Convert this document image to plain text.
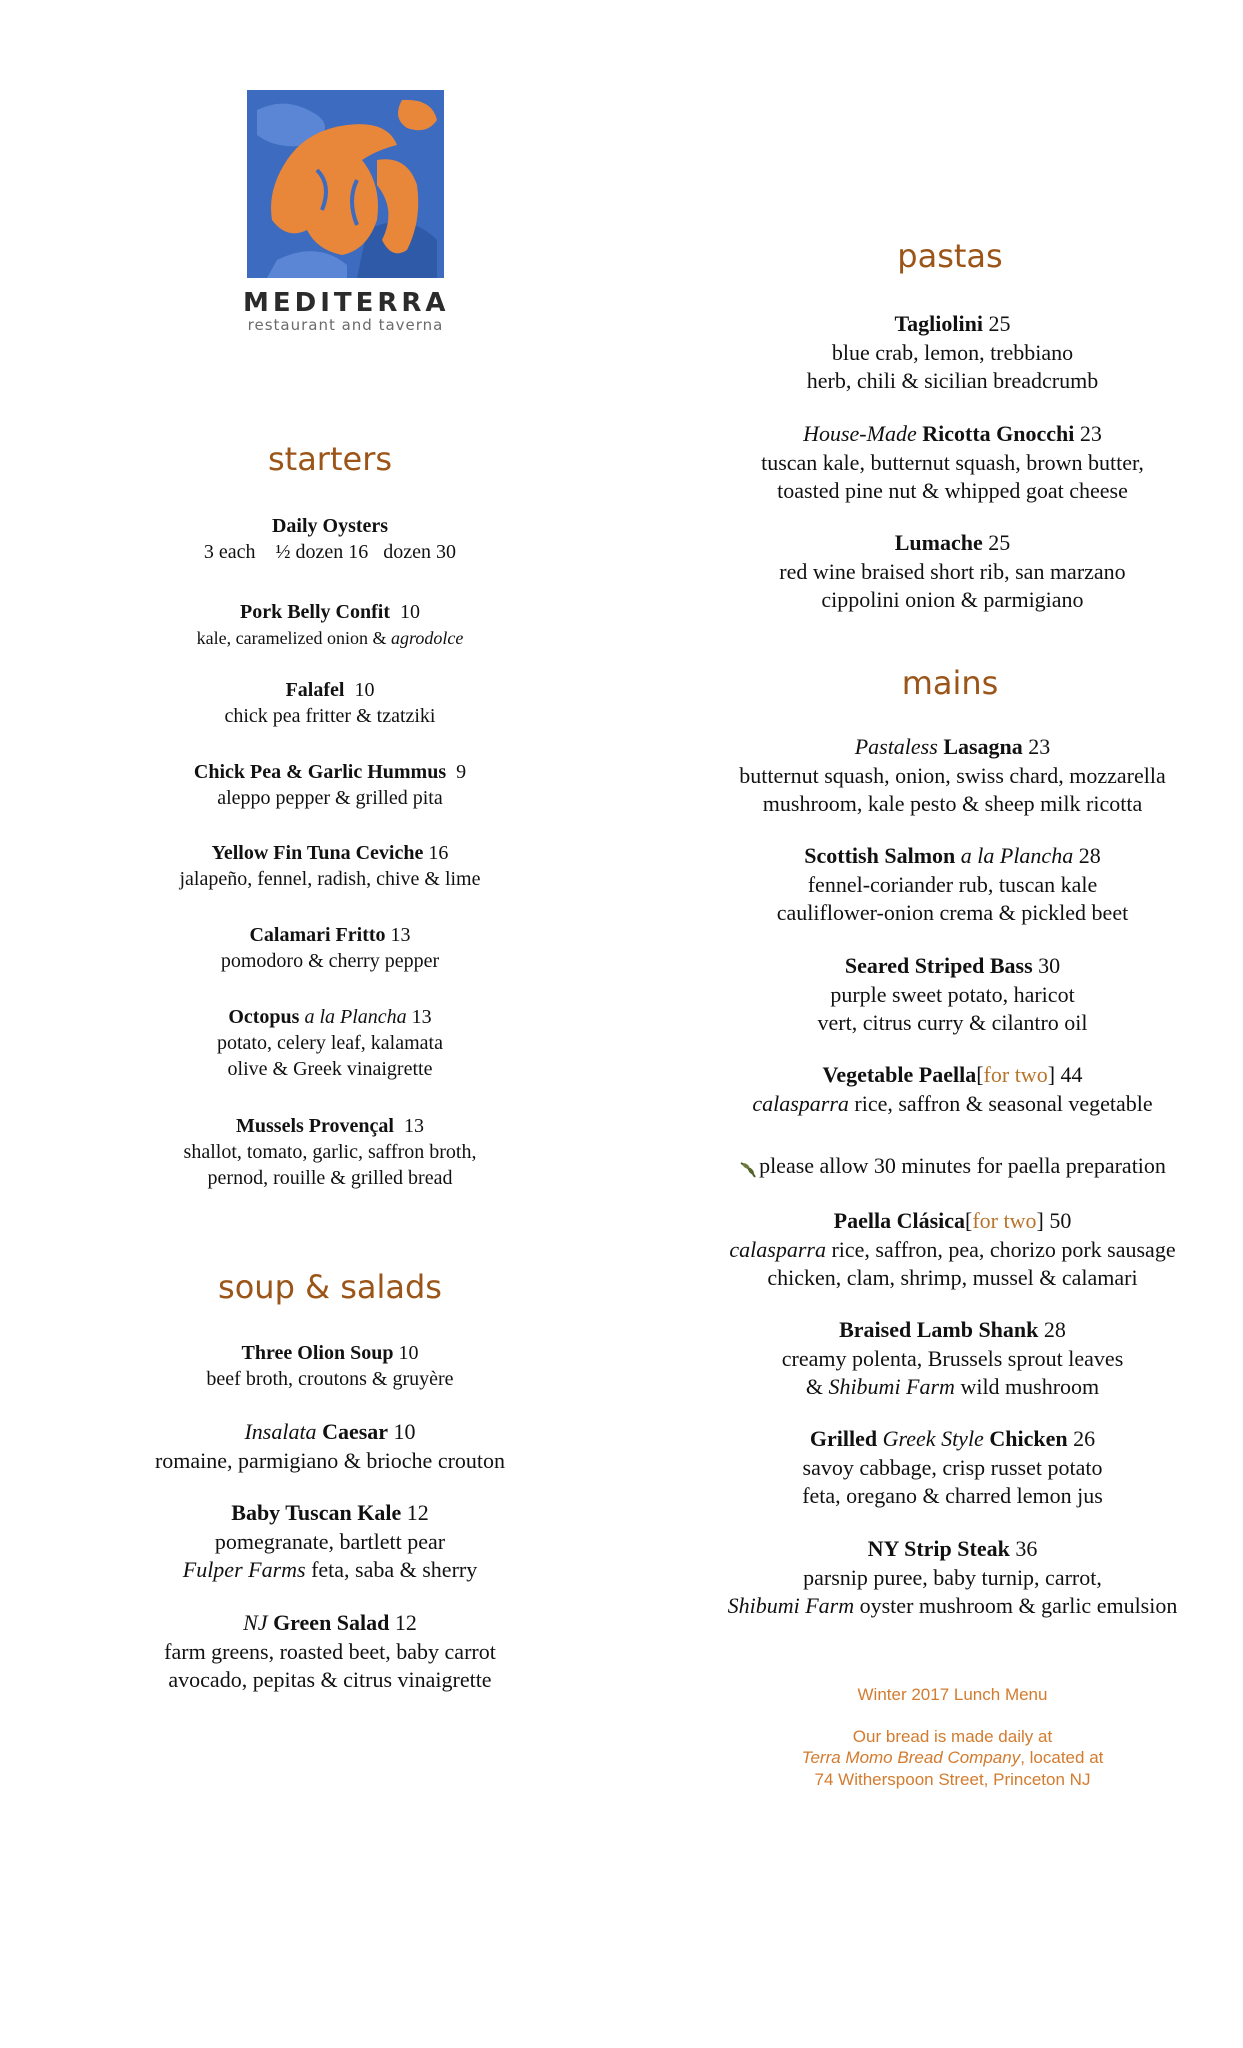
MEDITERRA
restaurant and taverna
starters
Daily Oysters
3 each    ½ dozen 16   dozen 30
Pork Belly Confit 10
kale, caramelized onion & agrodolce
Falafel 10
chick pea fritter & tzatziki
Chick Pea & Garlic Hummus 9
aleppo pepper & grilled pita
Yellow Fin Tuna Ceviche 16
jalapeño, fennel, radish, chive & lime
Calamari Fritto 13
pomodoro & cherry pepper
Octopus a la Plancha 13
potato, celery leaf, kalamata
olive & Greek vinaigrette
Mussels Provençal 13
shallot, tomato, garlic, saffron broth,
pernod, rouille & grilled bread
soup & salads
Three Olion Soup 10
beef broth, croutons & gruyère
Insalata Caesar 10
romaine, parmigiano & brioche crouton
Baby Tuscan Kale 12
pomegranate, bartlett pear
Fulper Farms feta, saba & sherry
NJ Green Salad 12
farm greens, roasted beet, baby carrot
avocado, pepitas & citrus vinaigrette
pastas
Tagliolini 25
blue crab, lemon, trebbiano
herb, chili & sicilian breadcrumb
House-Made Ricotta Gnocchi 23
tuscan kale, butternut squash, brown butter,
toasted pine nut & whipped goat cheese
Lumache 25
red wine braised short rib, san marzano
cippolini onion & parmigiano
mains
Pastaless Lasagna 23
butternut squash, onion, swiss chard, mozzarella
mushroom, kale pesto & sheep milk ricotta
Scottish Salmon a la Plancha 28
fennel-coriander rub, tuscan kale
cauliflower-onion crema & pickled beet
Seared Striped Bass 30
purple sweet potato, haricot
vert, citrus curry & cilantro oil
Vegetable Paella[for two] 44
calasparra rice, saffron & seasonal vegetable
please allow 30 minutes for paella preparation
Paella Clásica[for two] 50
calasparra rice, saffron, pea, chorizo pork sausage
chicken, clam, shrimp, mussel & calamari
Braised Lamb Shank 28
creamy polenta, Brussels sprout leaves
& Shibumi Farm wild mushroom
Grilled Greek Style Chicken 26
savoy cabbage, crisp russet potato
feta, oregano & charred lemon jus
NY Strip Steak 36
parsnip puree, baby turnip, carrot,
Shibumi Farm oyster mushroom & garlic emulsion
Winter 2017 Lunch Menu
Our bread is made daily at
Terra Momo Bread Company, located at
74 Witherspoon Street, Princeton NJ
